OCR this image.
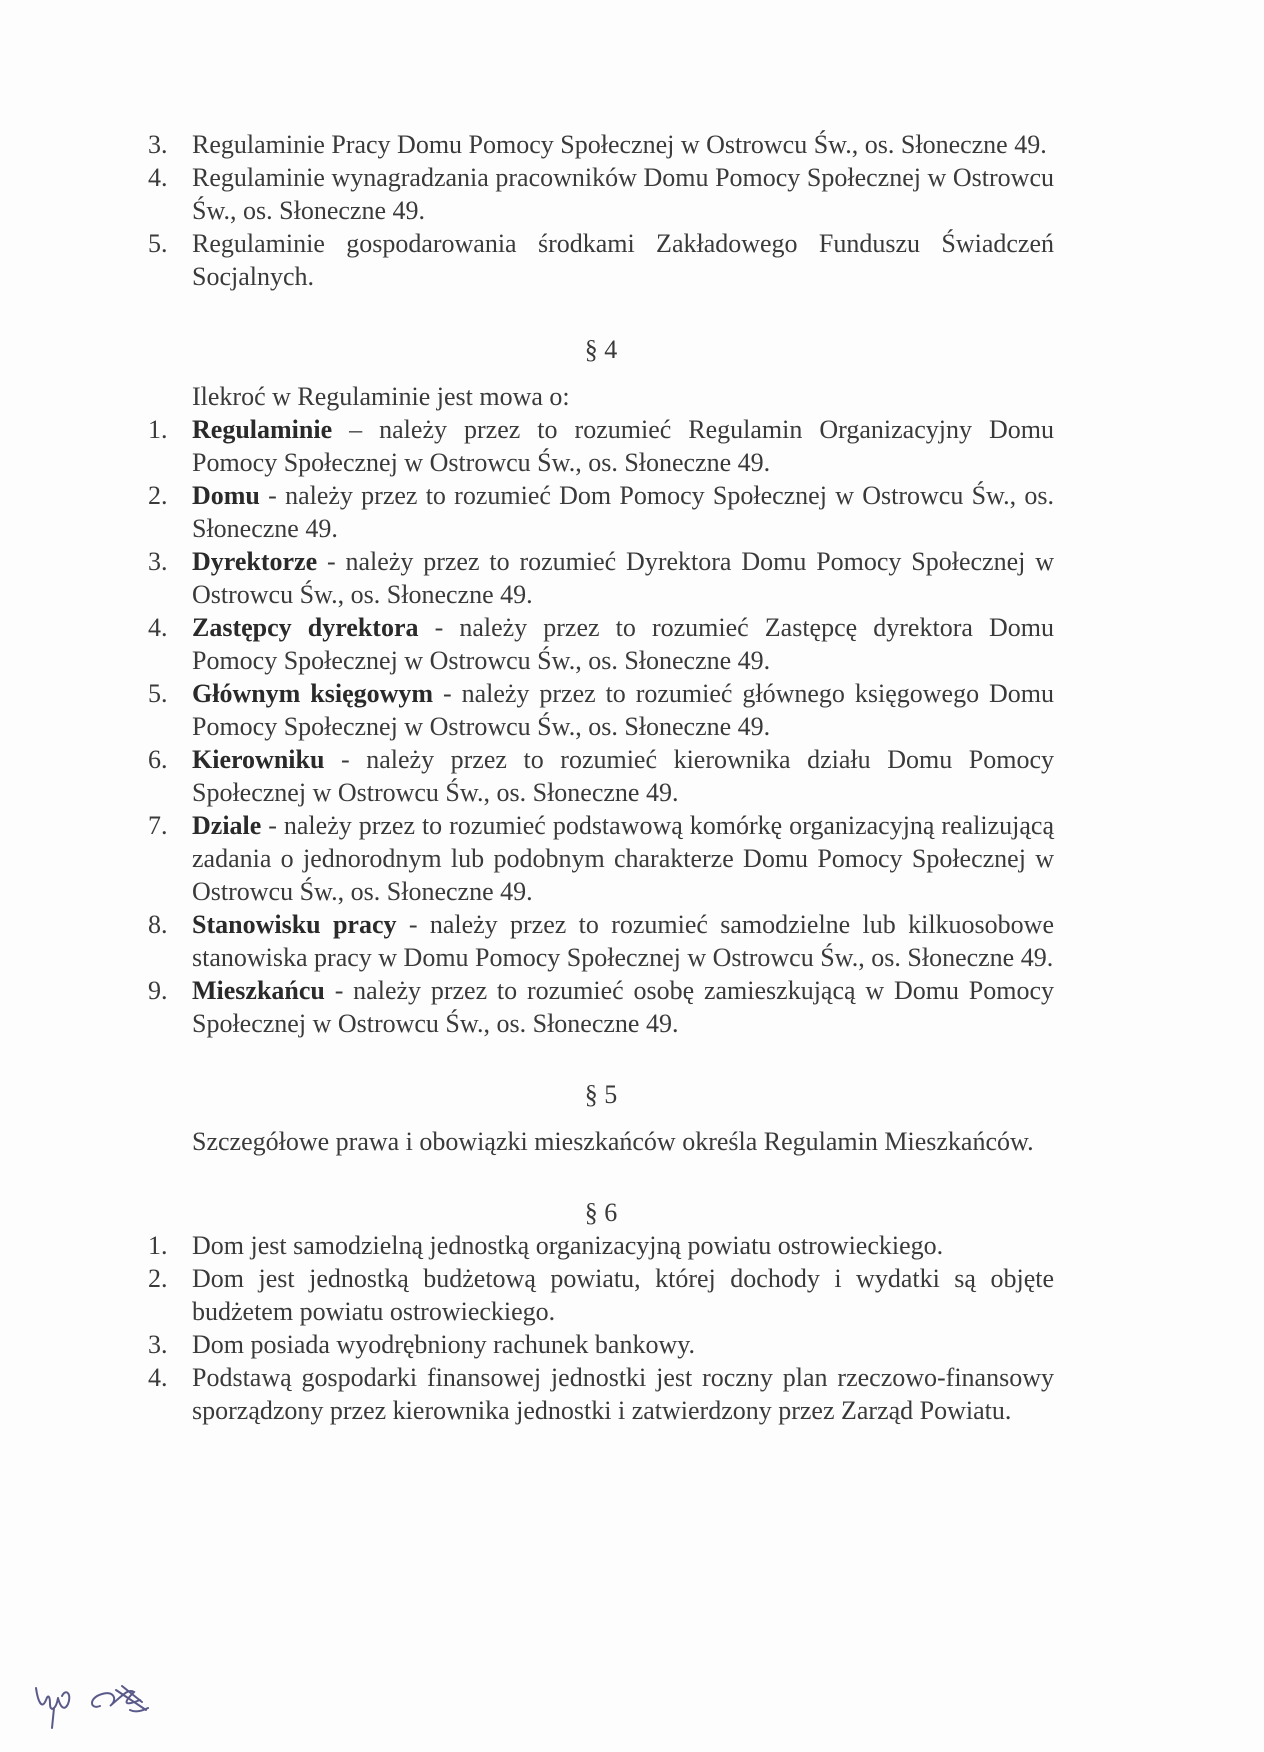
3. Regulaminie Pracy Domu Pomocy Społecznej w Ostrowcu Św., os. Słoneczne 49.
4. Regulaminie wynagradzania pracowników Domu Pomocy Społecznej w Ostrowcu Św., os. Słoneczne 49.
5. Regulaminie gospodarowania środkami Zakładowego Funduszu Świadczeń Socjalnych.

§ 4

Ilekroć w Regulaminie jest mowa o:

1. Regulaminie – należy przez to rozumieć Regulamin Organizacyjny Domu Pomocy Społecznej w Ostrowcu Św., os. Słoneczne 49.
2. Domu - należy przez to rozumieć Dom Pomocy Społecznej w Ostrowcu Św., os. Słoneczne 49.
3. Dyrektorze - należy przez to rozumieć Dyrektora Domu Pomocy Społecznej w Ostrowcu Św., os. Słoneczne 49.
4. Zastępcy dyrektora - należy przez to rozumieć Zastępcę dyrektora Domu Pomocy Społecznej w Ostrowcu Św., os. Słoneczne 49.
5. Głównym księgowym - należy przez to rozumieć głównego księgowego Domu Pomocy Społecznej w Ostrowcu Św., os. Słoneczne 49.
6. Kierowniku - należy przez to rozumieć kierownika działu Domu Pomocy Społecznej w Ostrowcu Św., os. Słoneczne 49.
7. Dziale - należy przez to rozumieć podstawową komórkę organizacyjną realizującą zadania o jednorodnym lub podobnym charakterze Domu Pomocy Społecznej w Ostrowcu Św., os. Słoneczne 49.
8. Stanowisku pracy - należy przez to rozumieć samodzielne lub kilkuosobowe stanowiska pracy w Domu Pomocy Społecznej w Ostrowcu Św., os. Słoneczne 49.
9. Mieszkańcu - należy przez to rozumieć osobę zamieszkującą w Domu Pomocy Społecznej w Ostrowcu Św., os. Słoneczne 49.

§ 5

Szczegółowe prawa i obowiązki mieszkańców określa Regulamin Mieszkańców.

§ 6

1. Dom jest samodzielną jednostką organizacyjną powiatu ostrowieckiego.
2. Dom jest jednostką budżetową powiatu, której dochody i wydatki są objęte budżetem powiatu ostrowieckiego.
3. Dom posiada wyodrębniony rachunek bankowy.
4. Podstawą gospodarki finansowej jednostki jest roczny plan rzeczowo-finansowy sporządzony przez kierownika jednostki i zatwierdzony przez Zarząd Powiatu.
